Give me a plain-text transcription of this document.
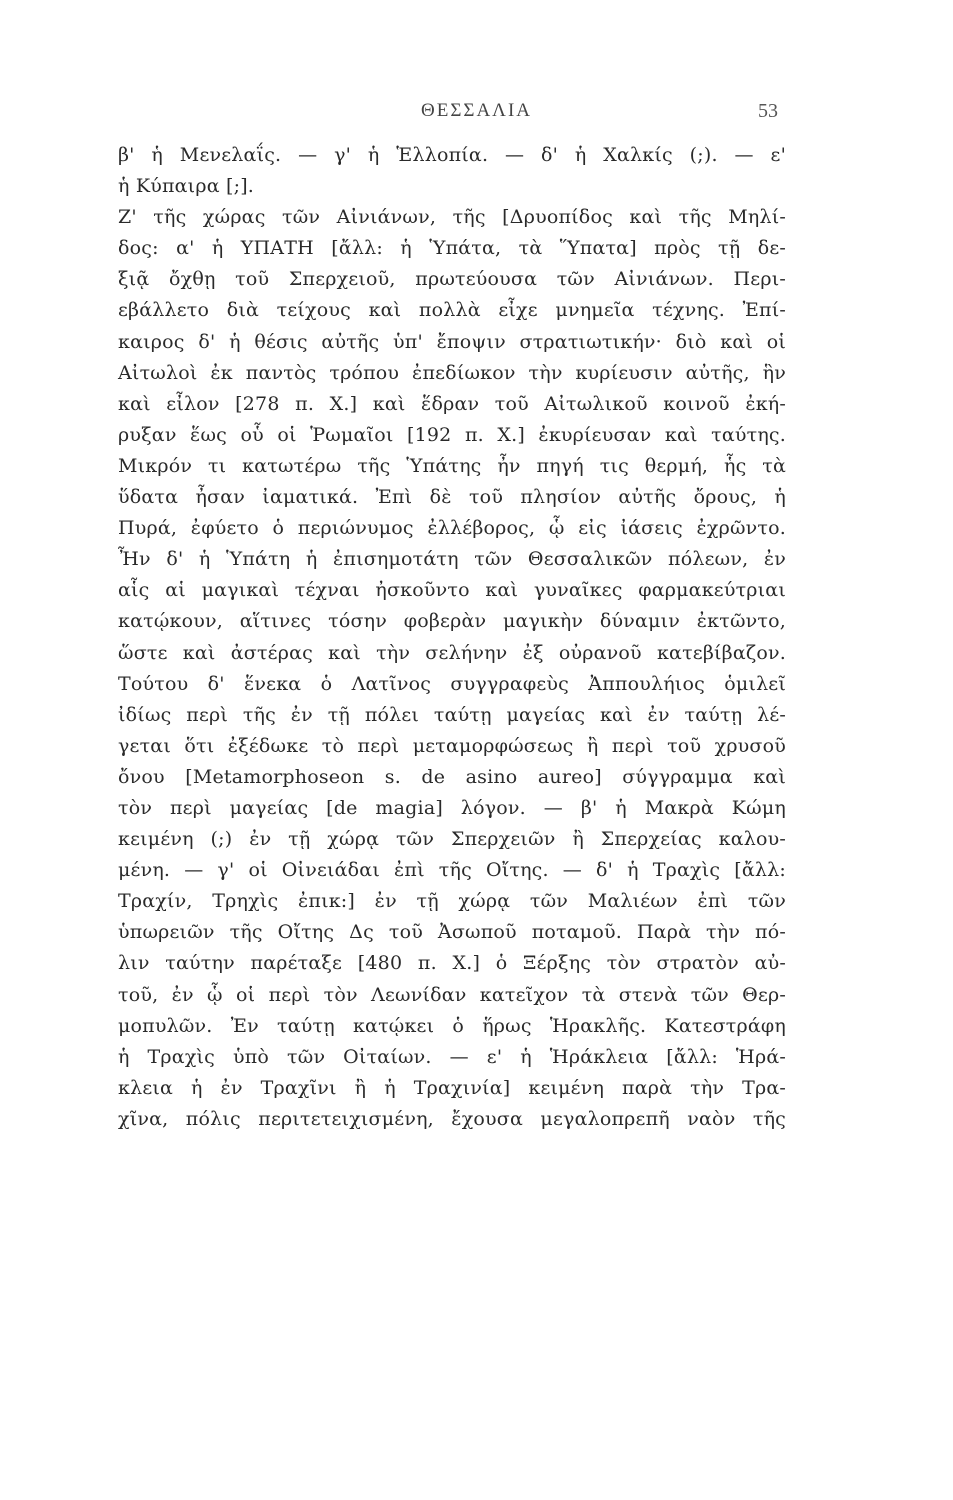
ΘΕΣΣΑΛΙΑ	53
β' ἡ Μενελαΐς. — γ' ἡ Ἑλλοπία. — δ' ἡ Χαλκίς (;). — ε'
ἡ Κύπαιρα [;].
Ζ' τῆς χώρας τῶν Αἰνιάνων, τῆς [Δρυοπίδος καὶ τῆς Μηλί-
δος: α' ἡ ΥΠΑΤΗ [ἄλλ: ἡ Ὑπάτα, τὰ Ὕπατα] πρὸς τῇ δε-
ξιᾷ ὄχθῃ τοῦ Σπερχειοῦ, πρωτεύουσα τῶν Αἰνιάνων. Περι-
εβάλλετο διὰ τείχους καὶ πολλὰ εἶχε μνημεῖα τέχνης. Ἐπί-
καιρος δ' ἡ θέσις αὐτῆς ὑπ' ἔποψιν στρατιωτικήν· διὸ καὶ οἱ
Αἰτωλοὶ ἐκ παντὸς τρόπου ἐπεδίωκον τὴν κυρίευσιν αὐτῆς, ἣν
καὶ εἶλον [278 π. Χ.] καὶ ἕδραν τοῦ Αἰτωλικοῦ κοινοῦ ἐκή-
ρυξαν ἕως οὗ οἱ Ῥωμαῖοι [192 π. Χ.] ἐκυρίευσαν καὶ ταύτης.
Μικρόν τι κατωτέρω τῆς Ὑπάτης ἦν πηγή τις θερμή, ἧς τὰ
ὕδατα ἦσαν ἰαματικά. Ἐπὶ δὲ τοῦ πλησίον αὐτῆς ὄρους, ἡ
Πυρά, ἐφύετο ὁ περιώνυμος ἐλλέβορος, ᾧ εἰς ἰάσεις ἐχρῶντο.
Ἦν δ' ἡ Ὑπάτη ἡ ἐπισημοτάτη τῶν Θεσσαλικῶν πόλεων, ἐν
αἷς αἱ μαγικαὶ τέχναι ἠσκοῦντο καὶ γυναῖκες φαρμακεύτριαι
κατῴκουν, αἵτινες τόσην φοβερὰν μαγικὴν δύναμιν ἐκτῶντο,
ὥστε καὶ ἀστέρας καὶ τὴν σελήνην ἐξ οὐρανοῦ κατεβίβαζον.
Τούτου δ' ἕνεκα ὁ Λατῖνος συγγραφεὺς Ἀππουλήιος ὁμιλεῖ
ἰδίως περὶ τῆς ἐν τῇ πόλει ταύτῃ μαγείας καὶ ἐν ταύτῃ λέ-
γεται ὅτι ἐξέδωκε τὸ περὶ μεταμορφώσεως ἢ περὶ τοῦ χρυσοῦ
ὄνου [Metamorphoseon s. de asino aureo] σύγγραμμα καὶ
τὸν περὶ μαγείας [de magia] λόγον. — β' ἡ Μακρὰ Κώμη
κειμένη (;) ἐν τῇ χώρᾳ τῶν Σπερχειῶν ἢ Σπερχείας καλου-
μένη. — γ' οἱ Οἰνειάδαι ἐπὶ τῆς Οἴτης. — δ' ἡ Τραχὶς [ἄλλ:
Τραχίν, Τρηχὶς ἐπικ:] ἐν τῇ χώρᾳ τῶν Μαλιέων ἐπὶ τῶν
ὑπωρειῶν τῆς Οἴτης Δς τοῦ Ἀσωποῦ ποταμοῦ. Παρὰ τὴν πό-
λιν ταύτην παρέταξε [480 π. Χ.] ὁ Ξέρξης τὸν στρατὸν αὐ-
τοῦ, ἐν ᾧ οἱ περὶ τὸν Λεωνίδαν κατεῖχον τὰ στενὰ τῶν Θερ-
μοπυλῶν. Ἐν ταύτῃ κατῴκει ὁ ἥρως Ἡρακλῆς. Κατεστράφη
ἡ Τραχὶς ὑπὸ τῶν Οἰταίων. — ε' ἡ Ἡράκλεια [ἄλλ: Ἡρά-
κλεια ἡ ἐν Τραχῖνι ἢ ἡ Τραχινία] κειμένη παρὰ τὴν Τρα-
χῖνα, πόλις περιτετειχισμένη, ἔχουσα μεγαλοπρεπῆ ναὸν τῆς
